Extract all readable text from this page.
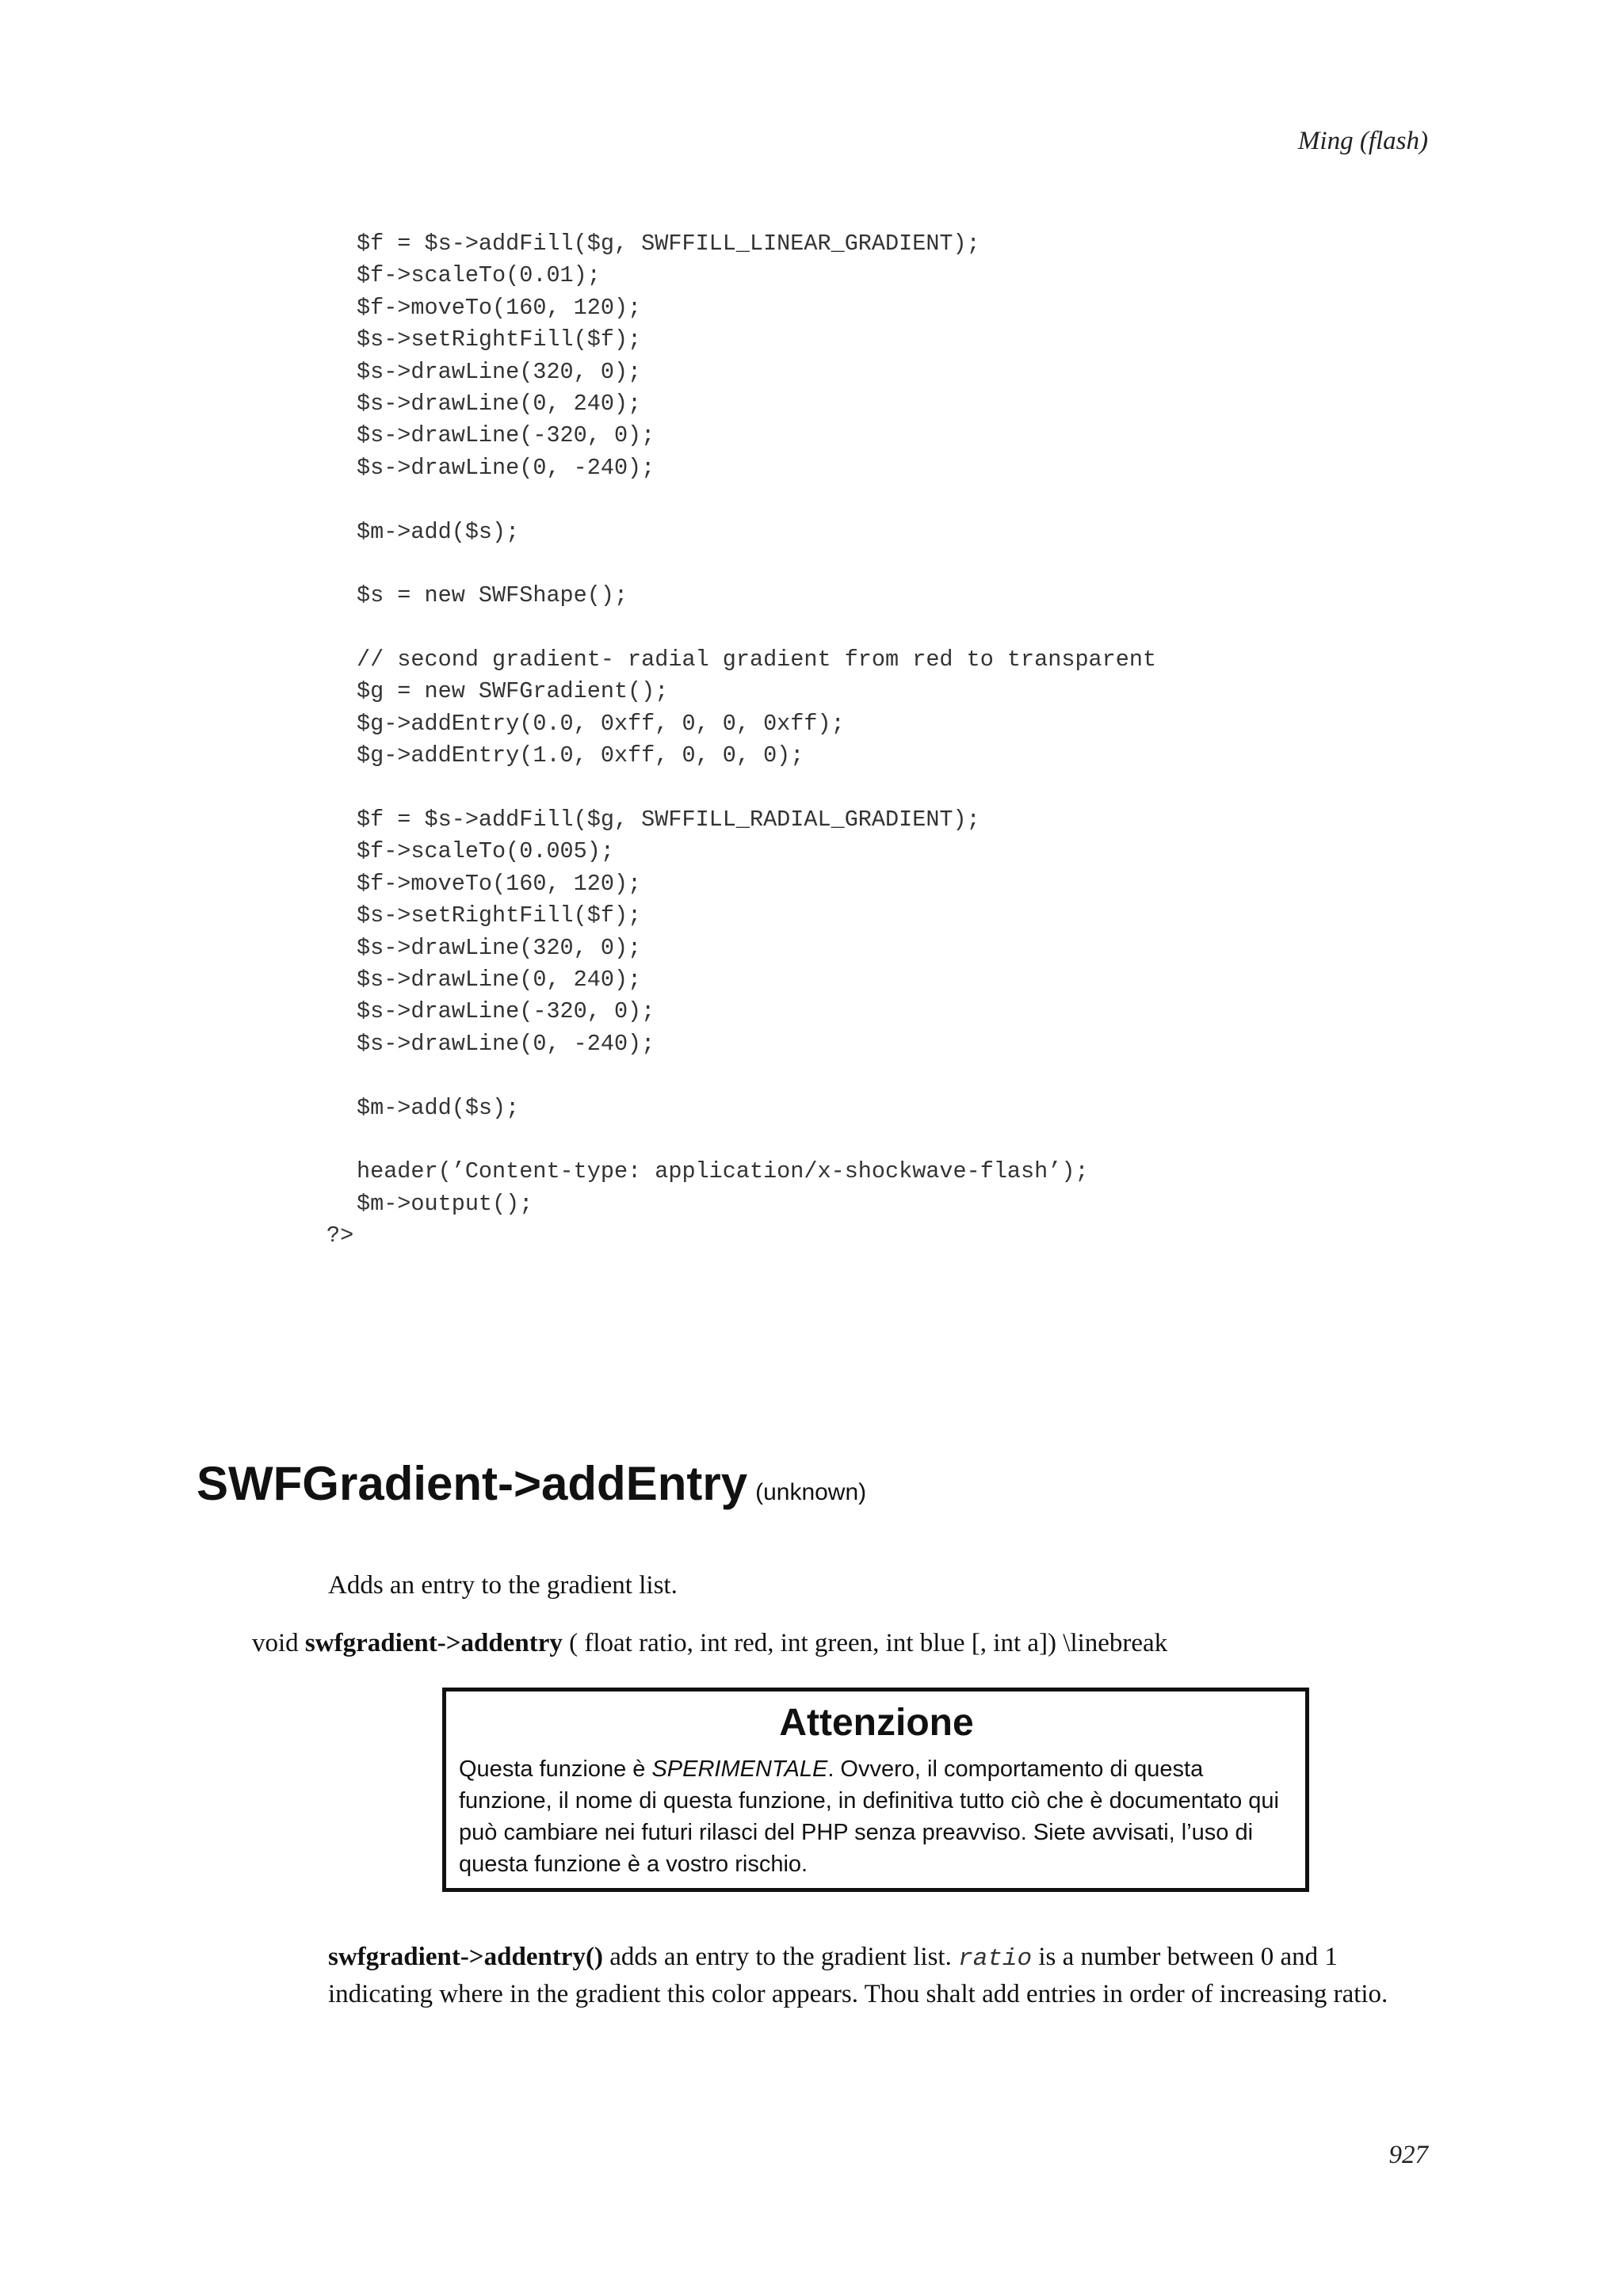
Ming (flash)
$f = $s->addFill($g, SWFFILL_LINEAR_GRADIENT);
$f->scaleTo(0.01);
$f->moveTo(160, 120);
$s->setRightFill($f);
$s->drawLine(320, 0);
$s->drawLine(0, 240);
$s->drawLine(-320, 0);
$s->drawLine(0, -240);
$m->add($s);
$s = new SWFShape();
// second gradient- radial gradient from red to transparent
$g = new SWFGradient();
$g->addEntry(0.0, 0xff, 0, 0, 0xff);
$g->addEntry(1.0, 0xff, 0, 0, 0);
$f = $s->addFill($g, SWFFILL_RADIAL_GRADIENT);
$f->scaleTo(0.005);
$f->moveTo(160, 120);
$s->setRightFill($f);
$s->drawLine(320, 0);
$s->drawLine(0, 240);
$s->drawLine(-320, 0);
$s->drawLine(0, -240);
$m->add($s);
header(’Content-type: application/x-shockwave-flash’);
$m->output();
?>
SWFGradient->addEntry (unknown)
Adds an entry to the gradient list.
void swfgradient->addentry ( float ratio, int red, int green, int blue [, int a]) \linebreak
Attenzione
Questa funzione è SPERIMENTALE. Ovvero, il comportamento di questa funzione, il nome di questa funzione, in definitiva tutto ciò che è documentato qui può cambiare nei futuri rilasci del PHP senza preavviso. Siete avvisati, l’uso di questa funzione è a vostro rischio.
swfgradient->addentry() adds an entry to the gradient list. ratio is a number between 0 and 1 indicating where in the gradient this color appears. Thou shalt add entries in order of increasing ratio.
927
